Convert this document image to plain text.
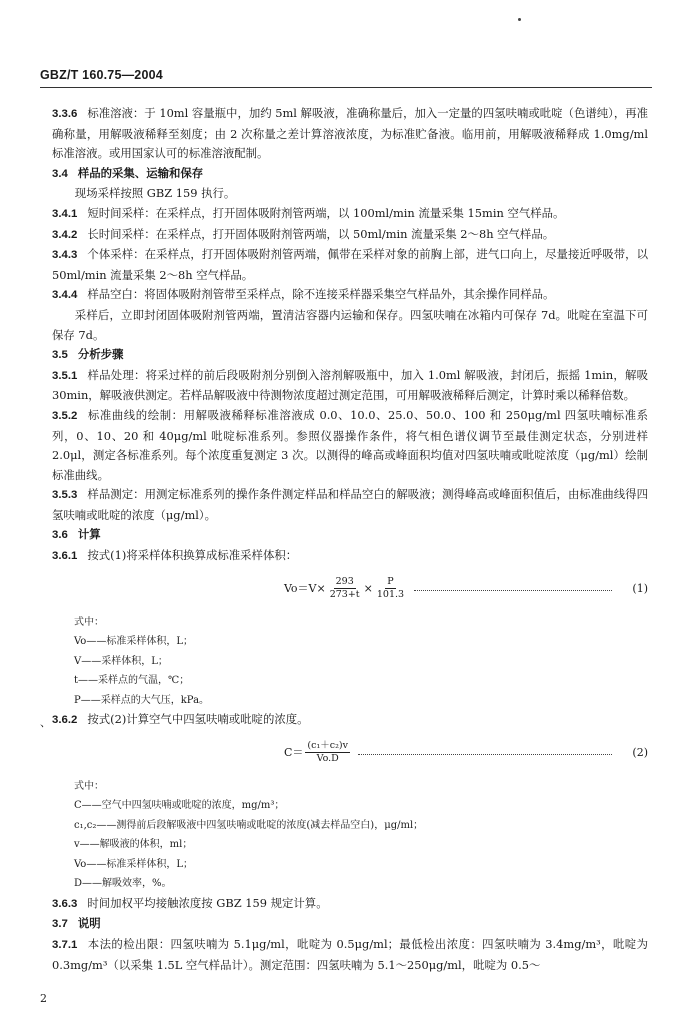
GBZ/T 160.75—2004
、

3.3.6 标准溶液：于 10ml 容量瓶中，加约 5ml 解吸液，准确称量后，加入一定量的四氢呋喃或吡啶（色谱纯），再准确称量，用解吸液稀释至刻度；由 2 次称量之差计算溶液浓度，为标准贮备液。临用前，用解吸液稀释成 1.0mg/ml 标准溶液。或用国家认可的标准溶液配制。

3.4 样品的采集、运输和保存

现场采样按照 GBZ 159 执行。

3.4.1 短时间采样：在采样点，打开固体吸附剂管两端，以 100ml/min 流量采集 15min 空气样品。

3.4.2 长时间采样：在采样点，打开固体吸附剂管两端，以 50ml/min 流量采集 2～8h 空气样品。

3.4.3 个体采样：在采样点，打开固体吸附剂管两端，佩带在采样对象的前胸上部，进气口向上，尽量接近呼吸带，以 50ml/min 流量采集 2～8h 空气样品。

3.4.4 样品空白：将固体吸附剂管带至采样点，除不连接采样器采集空气样品外，其余操作同样品。

采样后，立即封闭固体吸附剂管两端，置清洁容器内运输和保存。四氢呋喃在冰箱内可保存 7d。吡啶在室温下可保存 7d。

3.5 分析步骤

3.5.1 样品处理：将采过样的前后段吸附剂分别倒入溶剂解吸瓶中，加入 1.0ml 解吸液，封闭后，振摇 1min，解吸 30min，解吸液供测定。若样品解吸液中待测物浓度超过测定范围，可用解吸液稀释后测定，计算时乘以稀释倍数。

3.5.2 标准曲线的绘制：用解吸液稀释标准溶液成 0.0、10.0、25.0、50.0、100 和 250μg/ml 四氢呋喃标准系列，0、10、20 和 40μg/ml 吡啶标准系列。参照仪器操作条件，将气相色谱仪调节至最佳测定状态，分别进样 2.0μl，测定各标准系列。每个浓度重复测定 3 次。以测得的峰高或峰面积均值对四氢呋喃或吡啶浓度（μg/ml）绘制标准曲线。

3.5.3 样品测定：用测定标准系列的操作条件测定样品和样品空白的解吸液；测得峰高或峰面积值后，由标准曲线得四氢呋喃或吡啶的浓度（μg/ml）。

3.6 计算

3.6.1 按式(1)将采样体积换算成标准采样体积：

$Vo=V\times \frac{293}{273+t} \times \frac{P}{101.3}$	(1)
式中：
Vo——标准采样体积，L；
V——采样体积，L；
t——采样点的气温，℃；
P——采样点的大气压，kPa。

3.6.2 按式(2)计算空气中四氢呋喃或吡啶的浓度。

$C= \frac{\text{(c₁＋c₂)v}}{Vo.D}$	(2)
式中：
C——空气中四氢呋喃或吡啶的浓度，mg/m³；
c₁,c₂——测得前后段解吸液中四氢呋喃或吡啶的浓度(减去样品空白)，μg/ml；
v——解吸液的体积，ml；
Vo——标准采样体积，L；
D——解吸效率，%。

3.6.3 时间加权平均接触浓度按 GBZ 159 规定计算。

3.7 说明

3.7.1 本法的检出限：四氢呋喃为 5.1μg/ml，吡啶为 0.5μg/ml；最低检出浓度：四氢呋喃为 3.4mg/m³，吡啶为 0.3mg/m³（以采集 1.5L 空气样品计）。测定范围：四氢呋喃为 5.1～250μg/ml，吡啶为 0.5～

2
